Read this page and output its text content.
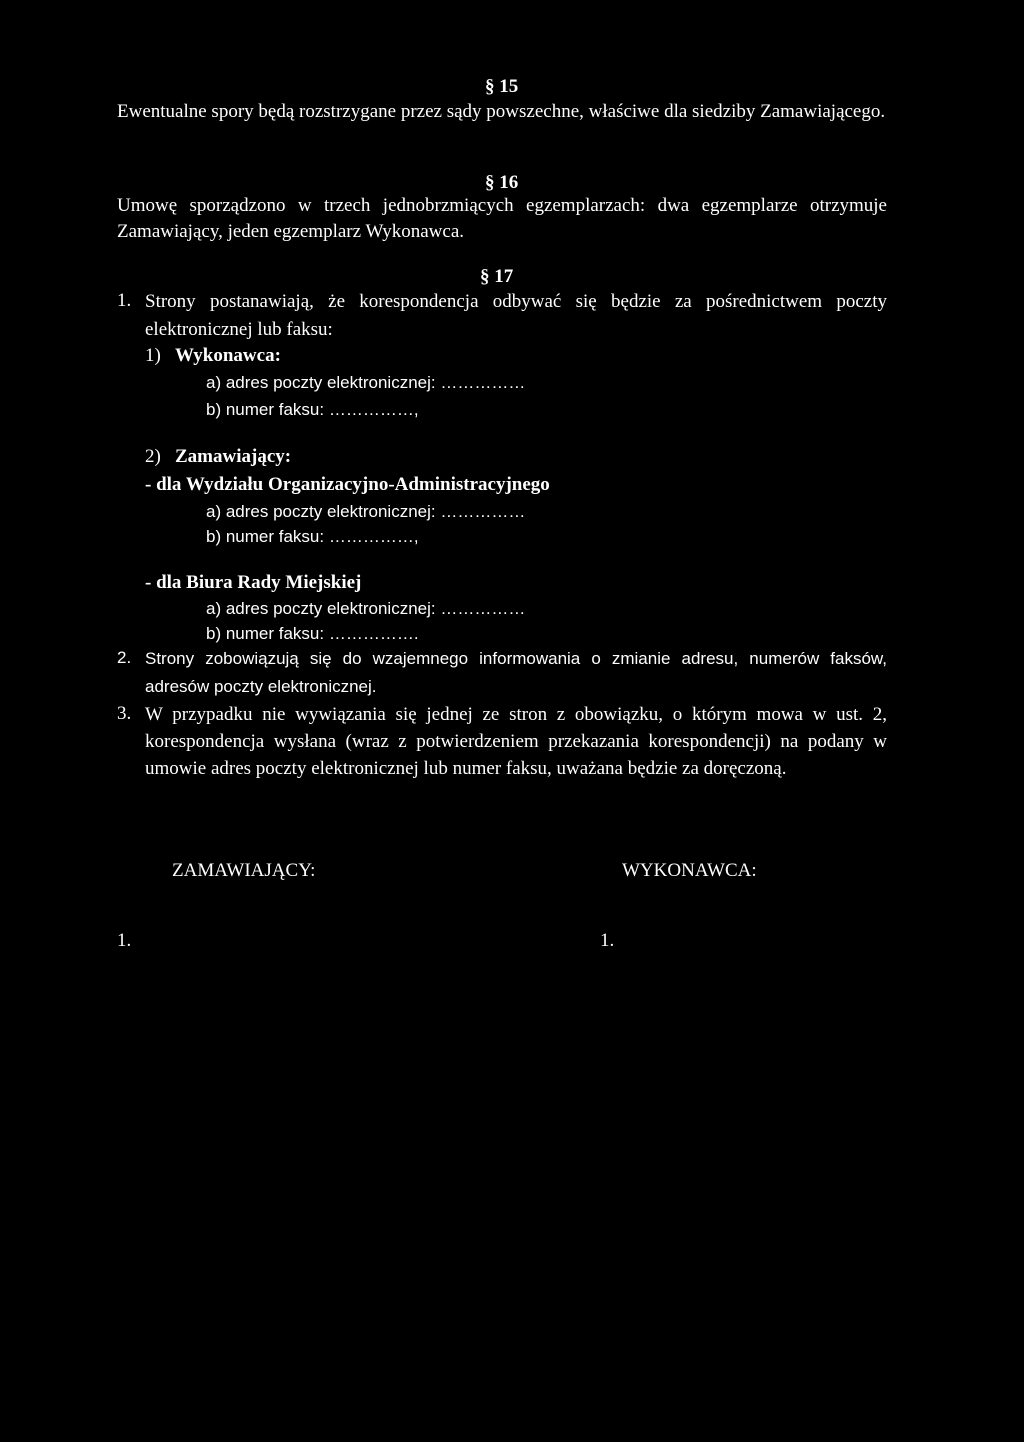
§ 15
Ewentualne spory będą rozstrzygane przez sądy powszechne, właściwe dla siedziby Zamawiającego.
§ 16
Umowę sporządzono w trzech jednobrzmiących egzemplarzach: dwa egzemplarze otrzymuje Zamawiający, jeden egzemplarz Wykonawca.
§ 17
1. Strony postanawiają, że korespondencja odbywać się będzie za pośrednictwem poczty elektronicznej lub faksu:
1) Wykonawca:
a) adres poczty elektronicznej: ……………
b) numer faksu: ……………,
2) Zamawiający:
- dla Wydziału Organizacyjno-Administracyjnego
a) adres poczty elektronicznej: ……………
b) numer faksu: ……………,
- dla Biura Rady Miejskiej
a) adres poczty elektronicznej: ……………
b) numer faksu: …………….
2. Strony zobowiązują się do wzajemnego informowania o zmianie adresu, numerów faksów, adresów poczty elektronicznej.
3. W przypadku nie wywiązania się jednej ze stron z obowiązku, o którym mowa w ust. 2, korespondencja wysłana (wraz z potwierdzeniem przekazania korespondencji) na podany w umowie adres poczty elektronicznej lub numer faksu, uważana będzie za doręczoną.
ZAMAWIAJĄCY:	WYKONAWCA:
1.	1.
